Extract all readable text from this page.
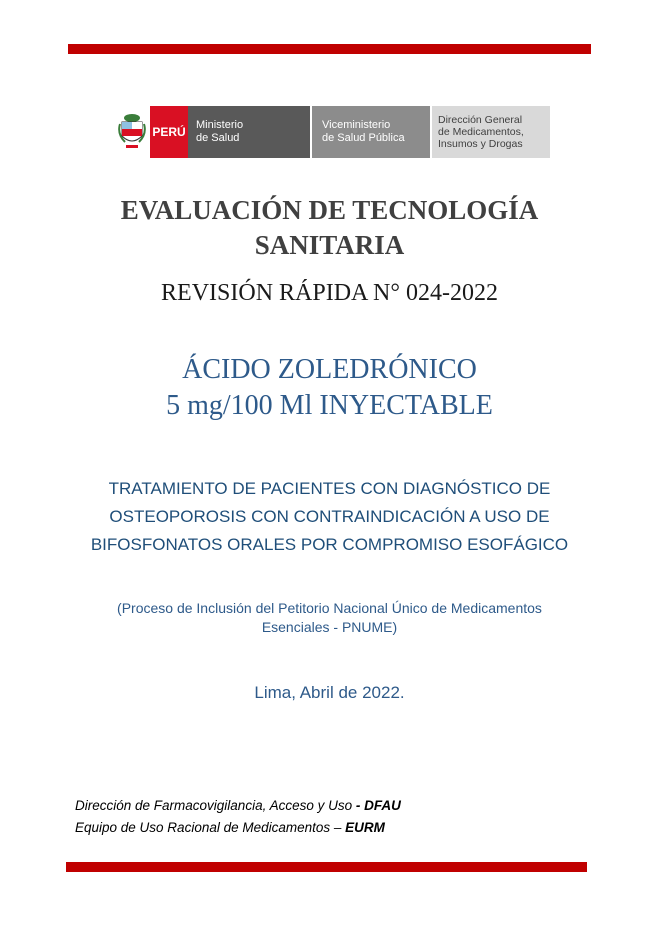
PERÚ Ministerio
de Salud
Viceministerio
de Salud Pública
Dirección General
de Medicamentos,
Insumos y Drogas
EVALUACIÓN DE TECNOLOGÍA
SANITARIA
REVISIÓN RÁPIDA N° 024-2022
ÁCIDO ZOLEDRÓNICO
5 mg/100 Ml INYECTABLE
TRATAMIENTO DE PACIENTES CON DIAGNÓSTICO DE
OSTEOPOROSIS CON CONTRAINDICACIÓN A USO DE
BIFOSFONATOS ORALES POR COMPROMISO ESOFÁGICO
(Proceso de Inclusión del Petitorio Nacional Único de Medicamentos
Esenciales - PNUME)
Lima, Abril de 2022.
Dirección de Farmacovigilancia, Acceso y Uso - DFAU
Equipo de Uso Racional de Medicamentos – EURM
